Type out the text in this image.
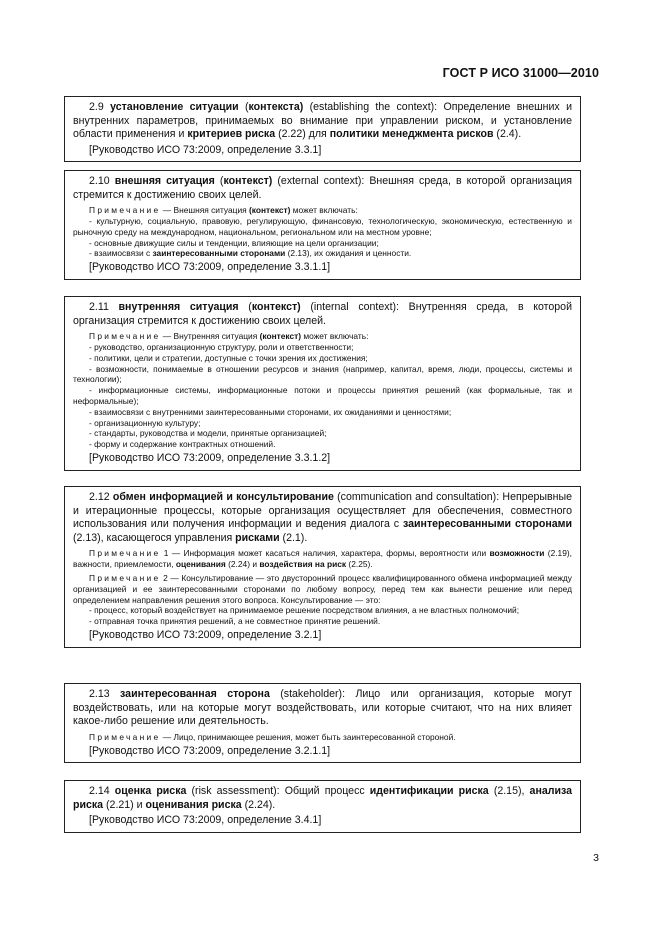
ГОСТ Р ИСО 31000—2010

2.9 установление ситуации (контекста) (establishing the context): Определение внешних и внутренних параметров, принимаемых во внимание при управлении риском, и установление области применения и критериев риска (2.22) для политики менеджмента рисков (2.4).

[Руководство ИСО 73:2009, определение 3.3.1]

2.10 внешняя ситуация (контекст) (external context): Внешняя среда, в которой организация стремится к достижению своих целей.

Примечание — Внешняя ситуация (контекст) может включать:

- культурную, социальную, правовую, регулирующую, финансовую, технологическую, экономическую, естественную и рыночную среду на международном, национальном, региональном или на местном уровне;

- основные движущие силы и тенденции, влияющие на цели организации;

- взаимосвязи с заинтересованными сторонами (2.13), их ожидания и ценности.

[Руководство ИСО 73:2009, определение 3.3.1.1]

2.11 внутренняя ситуация (контекст) (internal context): Внутренняя среда, в которой организация стремится к достижению своих целей.

Примечание — Внутренняя ситуация (контекст) может включать:

- руководство, организационную структуру, роли и ответственности;

- политики, цели и стратегии, доступные с точки зрения их достижения;

- возможности, понимаемые в отношении ресурсов и знания (например, капитал, время, люди, процессы, системы и технологии);

- информационные системы, информационные потоки и процессы принятия решений (как формальные, так и неформальные);

- взаимосвязи с внутренними заинтересованными сторонами, их ожиданиями и ценностями;

- организационную культуру;

- стандарты, руководства и модели, принятые организацией;

- форму и содержание контрактных отношений.

[Руководство ИСО 73:2009, определение 3.3.1.2]

2.12 обмен информацией и консультирование (communication and consultation): Непрерывные и итерационные процессы, которые организация осуществляет для обеспечения, совместного использования или получения информации и ведения диалога с заинтересованными сторонами (2.13), касающегося управления рисками (2.1).

Примечание 1 — Информация может касаться наличия, характера, формы, вероятности или возможности (2.19), важности, приемлемости, оценивания (2.24) и воздействия на риск (2.25).

Примечание 2 — Консультирование — это двусторонний процесс квалифицированного обмена информацией между организацией и ее заинтересованными сторонами по любому вопросу, перед тем как вынести решение или перед определением направления решения этого вопроса. Консультирование — это:

- процесс, который воздействует на принимаемое решение посредством влияния, а не властных полномочий;

- отправная точка принятия решений, а не совместное принятие решений.

[Руководство ИСО 73:2009, определение 3.2.1]

2.13 заинтересованная сторона (stakeholder): Лицо или организация, которые могут воздействовать, или на которые могут воздействовать, или которые считают, что на них влияет какое-либо решение или деятельность.

Примечание — Лицо, принимающее решения, может быть заинтересованной стороной.

[Руководство ИСО 73:2009, определение 3.2.1.1]

2.14 оценка риска (risk assessment): Общий процесс идентификации риска (2.15), анализа риска (2.21) и оценивания риска (2.24).

[Руководство ИСО 73:2009, определение 3.4.1]

3
